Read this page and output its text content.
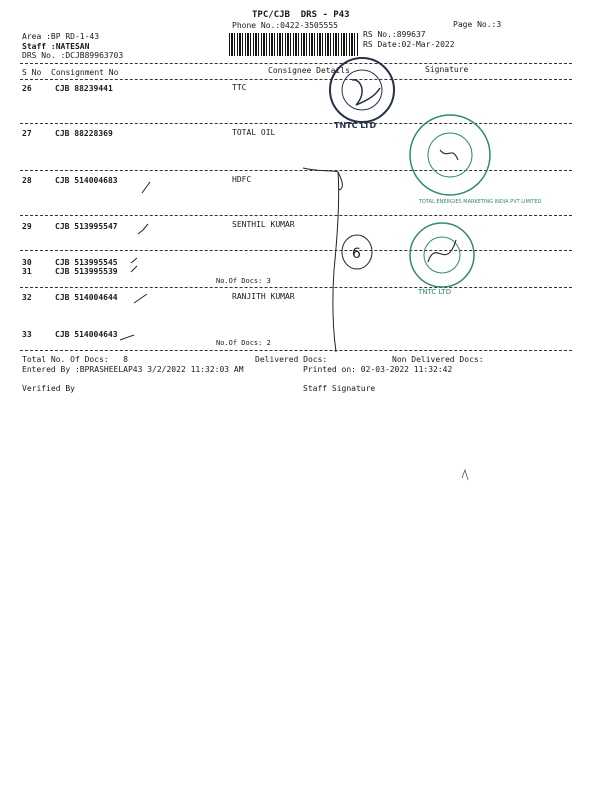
TPC/CJB  DRS - P43
Phone No.:0422-3505555	Page No.:3
Area :BP RD-1-43
Staff :NATESAN
DRS No. :DCJB89963703
RS No.:899637
RS Date:02-Mar-2022
S No Consignment No	Consignee Details	Signature
26	CJB 88239441	TTC
27	CJB 88228369	TOTAL OIL
28	CJB 514004683	HDFC
29	CJB 513995547	SENTHIL KUMAR
30	CJB 513995545
31	CJB 513995539
No.Of Docs: 3
32	CJB 514004644	RANJITH KUMAR
33	CJB 514004643
No.Of Docs: 2
Total No. Of Docs:   8	Delivered Docs:	Non Delivered Docs:
Entered By :BPRASHEELAP43 3/2/2022 11:32:03 AM	Printed on: 02-03-2022 11:32:42
Verified By	Staff Signature
6
TNTC LTD
TOTAL ENERGIES MARKETING INDIA PVT LIMITED
TNTC LTD
